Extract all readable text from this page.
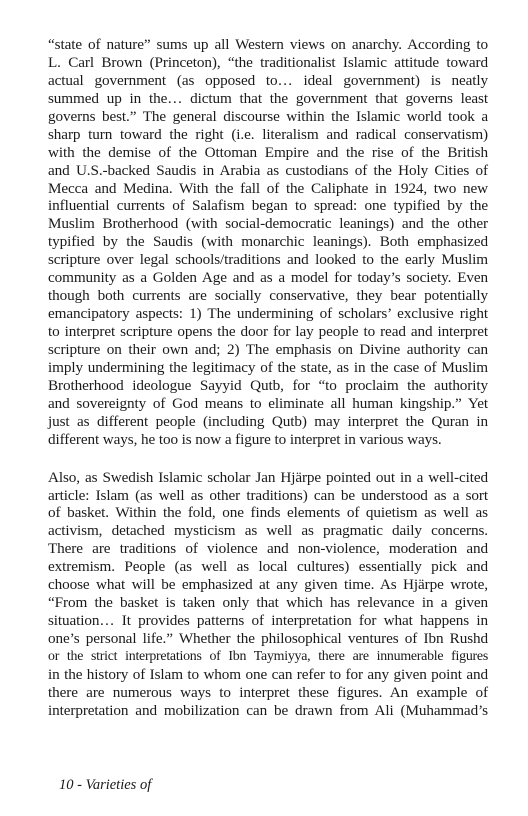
“state of nature” sums up all Western views on anarchy. According to
L. Carl Brown (Princeton), “the traditionalist Islamic attitude toward
actual government (as opposed to… ideal government) is neatly
summed up in the… dictum that the government that governs least
governs best.” The general discourse within the Islamic world took a
sharp turn toward the right (i.e. literalism and radical conservatism)
with the demise of the Ottoman Empire and the rise of the British
and U.S.-backed Saudis in Arabia as custodians of the Holy Cities of
Mecca and Medina. With the fall of the Caliphate in 1924, two new
influential currents of Salafism began to spread: one typified by the
Muslim Brotherhood (with social-democratic leanings) and the other
typified by the Saudis (with monarchic leanings). Both emphasized
scripture over legal schools/traditions and looked to the early Muslim
community as a Golden Age and as a model for today’s society. Even
though both currents are socially conservative, they bear potentially
emancipatory aspects: 1) The undermining of scholars’ exclusive right
to interpret scripture opens the door for lay people to read and interpret
scripture on their own and; 2) The emphasis on Divine authority can
imply undermining the legitimacy of the state, as in the case of Muslim
Brotherhood ideologue Sayyid Qutb, for “to proclaim the authority
and sovereignty of God means to eliminate all human kingship.” Yet
just as different people (including Qutb) may interpret the Quran in
different ways, he too is now a figure to interpret in various ways.
Also, as Swedish Islamic scholar Jan Hjärpe pointed out in a well-cited
article: Islam (as well as other traditions) can be understood as a sort
of basket. Within the fold, one finds elements of quietism as well as
activism, detached mysticism as well as pragmatic daily concerns.
There are traditions of violence and non-violence, moderation and
extremism. People (as well as local cultures) essentially pick and
choose what will be emphasized at any given time. As Hjärpe wrote,
“From the basket is taken only that which has relevance in a given
situation… It provides patterns of interpretation for what happens in
one’s personal life.” Whether the philosophical ventures of Ibn Rushd
or the strict interpretations of Ibn Taymiyya, there are innumerable figures
in the history of Islam to whom one can refer to for any given point and
there are numerous ways to interpret these figures. An example of
interpretation and mobilization can be drawn from Ali (Muhammad’s
10 - Varieties of
